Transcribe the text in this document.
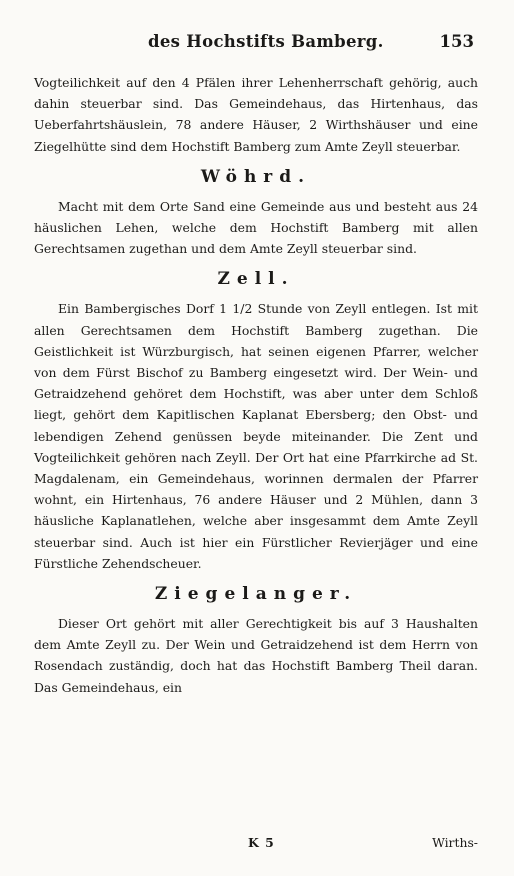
des Hochstifts Bamberg.	153

Vogteilichkeit auf den 4 Pfälen ihrer Lehenherrschaft gehörig, auch dahin steuerbar sind. Das Gemeindehaus, das Hirtenhaus, das Ueberfahrtshäuslein, 78 andere Häuser, 2 Wirthshäuser und eine Ziegelhütte sind dem Hochstift Bamberg zum Amte Zeyll steuerbar.

Wöhrd.

Macht mit dem Orte Sand eine Gemeinde aus und besteht aus 24 häuslichen Lehen, welche dem Hochstift Bamberg mit allen Gerechtsamen zugethan und dem Amte Zeyll steuerbar sind.

Zell.

Ein Bambergisches Dorf 1 1/2 Stunde von Zeyll entlegen. Ist mit allen Gerechtsamen dem Hochstift Bamberg zugethan. Die Geistlichkeit ist Würzburgisch, hat seinen eigenen Pfarrer, welcher von dem Fürst Bischof zu Bamberg eingesetzt wird. Der Wein- und Getraidzehend gehöret dem Hochstift, was aber unter dem Schloß liegt, gehört dem Kapitlischen Kaplanat Ebersberg; den Obst- und lebendigen Zehend genüssen beyde miteinander. Die Zent und Vogteilichkeit gehören nach Zeyll. Der Ort hat eine Pfarrkirche ad St. Magdalenam, ein Gemeindehaus, worinnen dermalen der Pfarrer wohnt, ein Hirtenhaus, 76 andere Häuser und 2 Mühlen, dann 3 häusliche Kaplanatlehen, welche aber insgesammt dem Amte Zeyll steuerbar sind. Auch ist hier ein Fürstlicher Revierjäger und eine Fürstliche Zehendscheuer.

Ziegelanger.

Dieser Ort gehört mit aller Gerechtigkeit bis auf 3 Haushalten dem Amte Zeyll zu. Der Wein und Getraidzehend ist dem Herrn von Rosendach zuständig, doch hat das Hochstift Bamberg Theil daran. Das Gemeindehaus, ein

K 5	Wirths-
